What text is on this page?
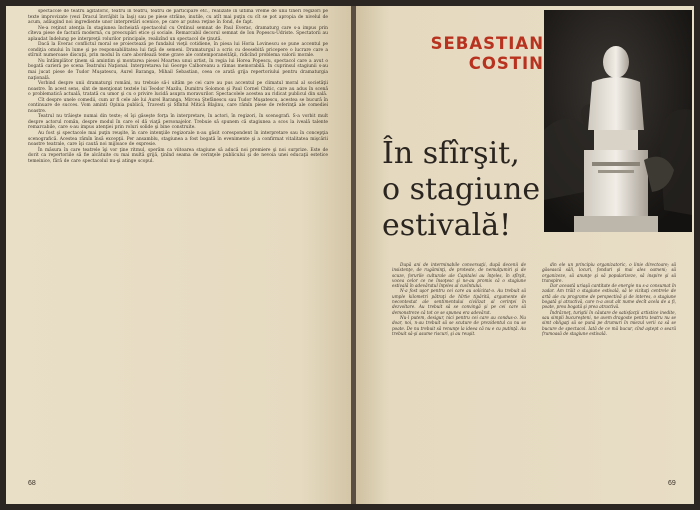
spectacole de teatru agitatoric, teatru în teatru, teatru de participare etc., realizate în ultima vreme de unii tineri regizori pe texte improvizate (vezi Dracul învrăjbit la Iaşi) sau pe piese străine, inutile, cu atît mai puţin cu cît se pot apropia de nivelul de acum, adăugind noi ingrediente unor interpretări scenice, pe care ar putea reţine în fond, de fapt.

Ne-a reţinut atenţia în stagiunea încheiată spectacolul cu Ordinul semnat de Paul Everac, dramaturg care s-a impus prin cîteva piese de factură modernă, cu preocupări etice şi sociale. Remarcabil decorul semnat de Ion Popescu-Udriste. Spectatorii au aplaudat îndelung pe interpreţii rolurilor principale, realizînd un spectacol de ţinută.

Dacă la Everac conflictul moral se proiectează pe fundalul vieţii cotidiene, în piesa lui Horia Lovinescu se pune accentul pe condiţia omului în lume şi pe responsabilitatea lui faţă de semeni. Dramaturgul a scris cu deosebită pricepere o lucrare care a stîrnit numeroase discuţii, prin modul în care abordează teme grave ale contemporaneităţii, ridicînd problema valorii morale.

Nu întâmplător ţinem să amintim şi montarea piesei Moartea unui artist, în regia lui Horea Popescu, spectacol care a avut o bogată carieră pe scena Teatrului Naţional. Interpretarea lui George Calboreanu a rămas memorabilă. În cuprinsul stagiunii s-au mai jucat piese de Tudor Muşatescu, Aurel Baranga, Mihail Sebastian, ceea ce arată grija repertoriului pentru dramaturgia naţională.

Vorbind despre unii dramaturgi români, nu trebuie să-i uităm pe cei care au pus accentul pe climatul moral al societăţii noastre. În acest sens, sînt de menţionat textele lui Teodor Mazilu, Dumitru Solomon şi Paul Cornel Chitic, care au adus în scenă o problematică actuală, tratată cu umor şi cu o privire lucidă asupra moravurilor. Spectacolele acestea au ridicat publicul din sală.

Cît despre unele comedii, cum ar fi cele ale lui Aurel Baranga, Mircea Ştefănescu sau Tudor Muşatescu, acestea se bucură în continuare de succes. Vom aminti Opinia publică, Travesti şi Sfîntul Mitică Blajinu, care rămîn piese de referinţă ale comediei noastre.

Teatrul nu trăieşte numai din texte; el îşi găseşte forţa în interpretare, în actori, în regizori, în scenografi. S-a vorbit mult despre actorul român, despre modul în care el dă viaţă personajelor. Trebuie să spunem că stagiunea a scos la iveală talente remarcabile, care s-au impus atenţiei prin roluri solide şi bine construite.

Au fost şi spectacole mai puţin reuşite, în care intenţiile regizorale n-au găsit corespondent în interpretare sau în concepţia scenografică. Acestea rămîn însă excepţii. Per ansamblu, stagiunea a fost bogată în evenimente şi a confirmat vitalitatea mişcării noastre teatrale, care îşi caută noi mijloace de expresie.

În măsura în care teatrele îşi vor ţine ritmul, sperăm ca viitoarea stagiune să aducă noi premiere şi noi surprize. Este de dorit ca repertoriile să fie alcătuite cu mai multă grijă, ţinînd seama de cerinţele publicului şi de nevoia unei educaţii estetice temeinice, fără de care spectacolul nu-şi atinge scopul.

68
SEBASTIAN
COSTIN
În sfîrşit,
o stagiune
estivală!

După ani de interminabile conversaţii, după decenii de insistenţe, de rugăminţi, de proteste, de nemulţumiri şi de scuze, forurile culturale ale Capitalei au înţeles, în sfîrşit, vocea celor ce ne însoţesc şi ne-au promis că o stagiune estivală în adevăratul înţeles al cuvîntului.

N-a fost uşor pentru cei care au solicitat-o. Au trebuit să umple kilometri pătraţi de hîrtie tipărită, argumente de necontestat ale sentimentului civilizat al cerinţei în dezvoltare. Au trebuit să se convingă şi pe cei care să demonstreze că tot ce se spunea era adevărat.

Nu-l putem, desigur, nici pentru cei care au condus-o. Nu doar, noi, n-au trebuit să se scuture de prezidentul ca nu se poate. De nu trebuit să renunţe la ideea că nu e cu putinţă. Au trebuit să-şi asume riscuri, şi au reuşit.

din ele un principiu organizatoric, o linie directoare; să găsească săli, locuri, fonduri şi mai ales oameni; să organizeze, să anunţe şi să popularizeze, să inspire şi să transpire.

Dar această uriaşă cantitate de energie nu s-a consumat în zadar. Am trăit o stagiune estivală, să le vizitaţi centrele de artă ale cu programe de perspectivă şi de interes, o stagiune bogată şi atractivă, care n-a avut alt nume decît acela de a fi, poate, prea bogată şi prea atractivă.

Îndrăzneţ, turiştii în căutare de satisfacţii artistice inedite, sau simpli bucureşteni, ne avem dragoste pentru teatru nu se simt obligaţi să se pună pe drumuri în miezul verii ca să se bucure de spectacol. Iată de ce mă bucur, cînd aştept o seară frumoasă de stagiune estivală.

69
